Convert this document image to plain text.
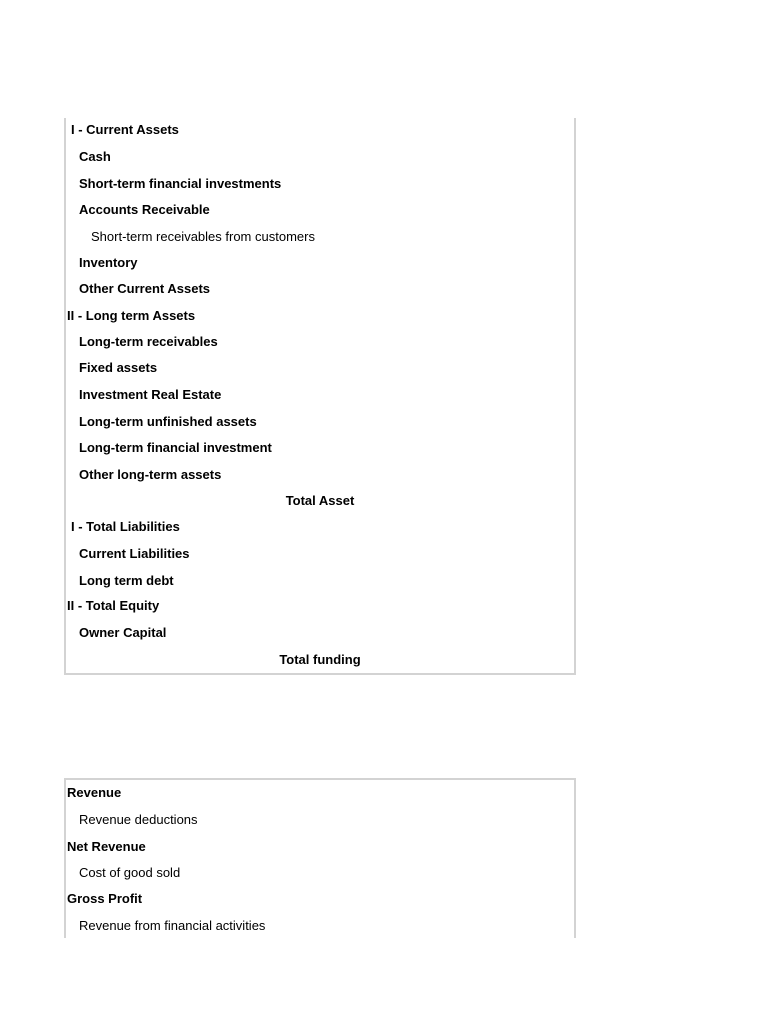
I - Current Assets
Cash
Short-term financial investments
Accounts Receivable
Short-term receivables from customers
Inventory
Other Current Assets
II - Long term Assets
Long-term receivables
Fixed assets
Investment Real Estate
Long-term unfinished assets
Long-term financial investment
Other long-term assets
Total Asset
I - Total Liabilities
Current Liabilities
Long term debt
II - Total Equity
Owner Capital
Total funding
Revenue
Revenue deductions
Net Revenue
Cost of good sold
Gross Profit
Revenue from financial activities
